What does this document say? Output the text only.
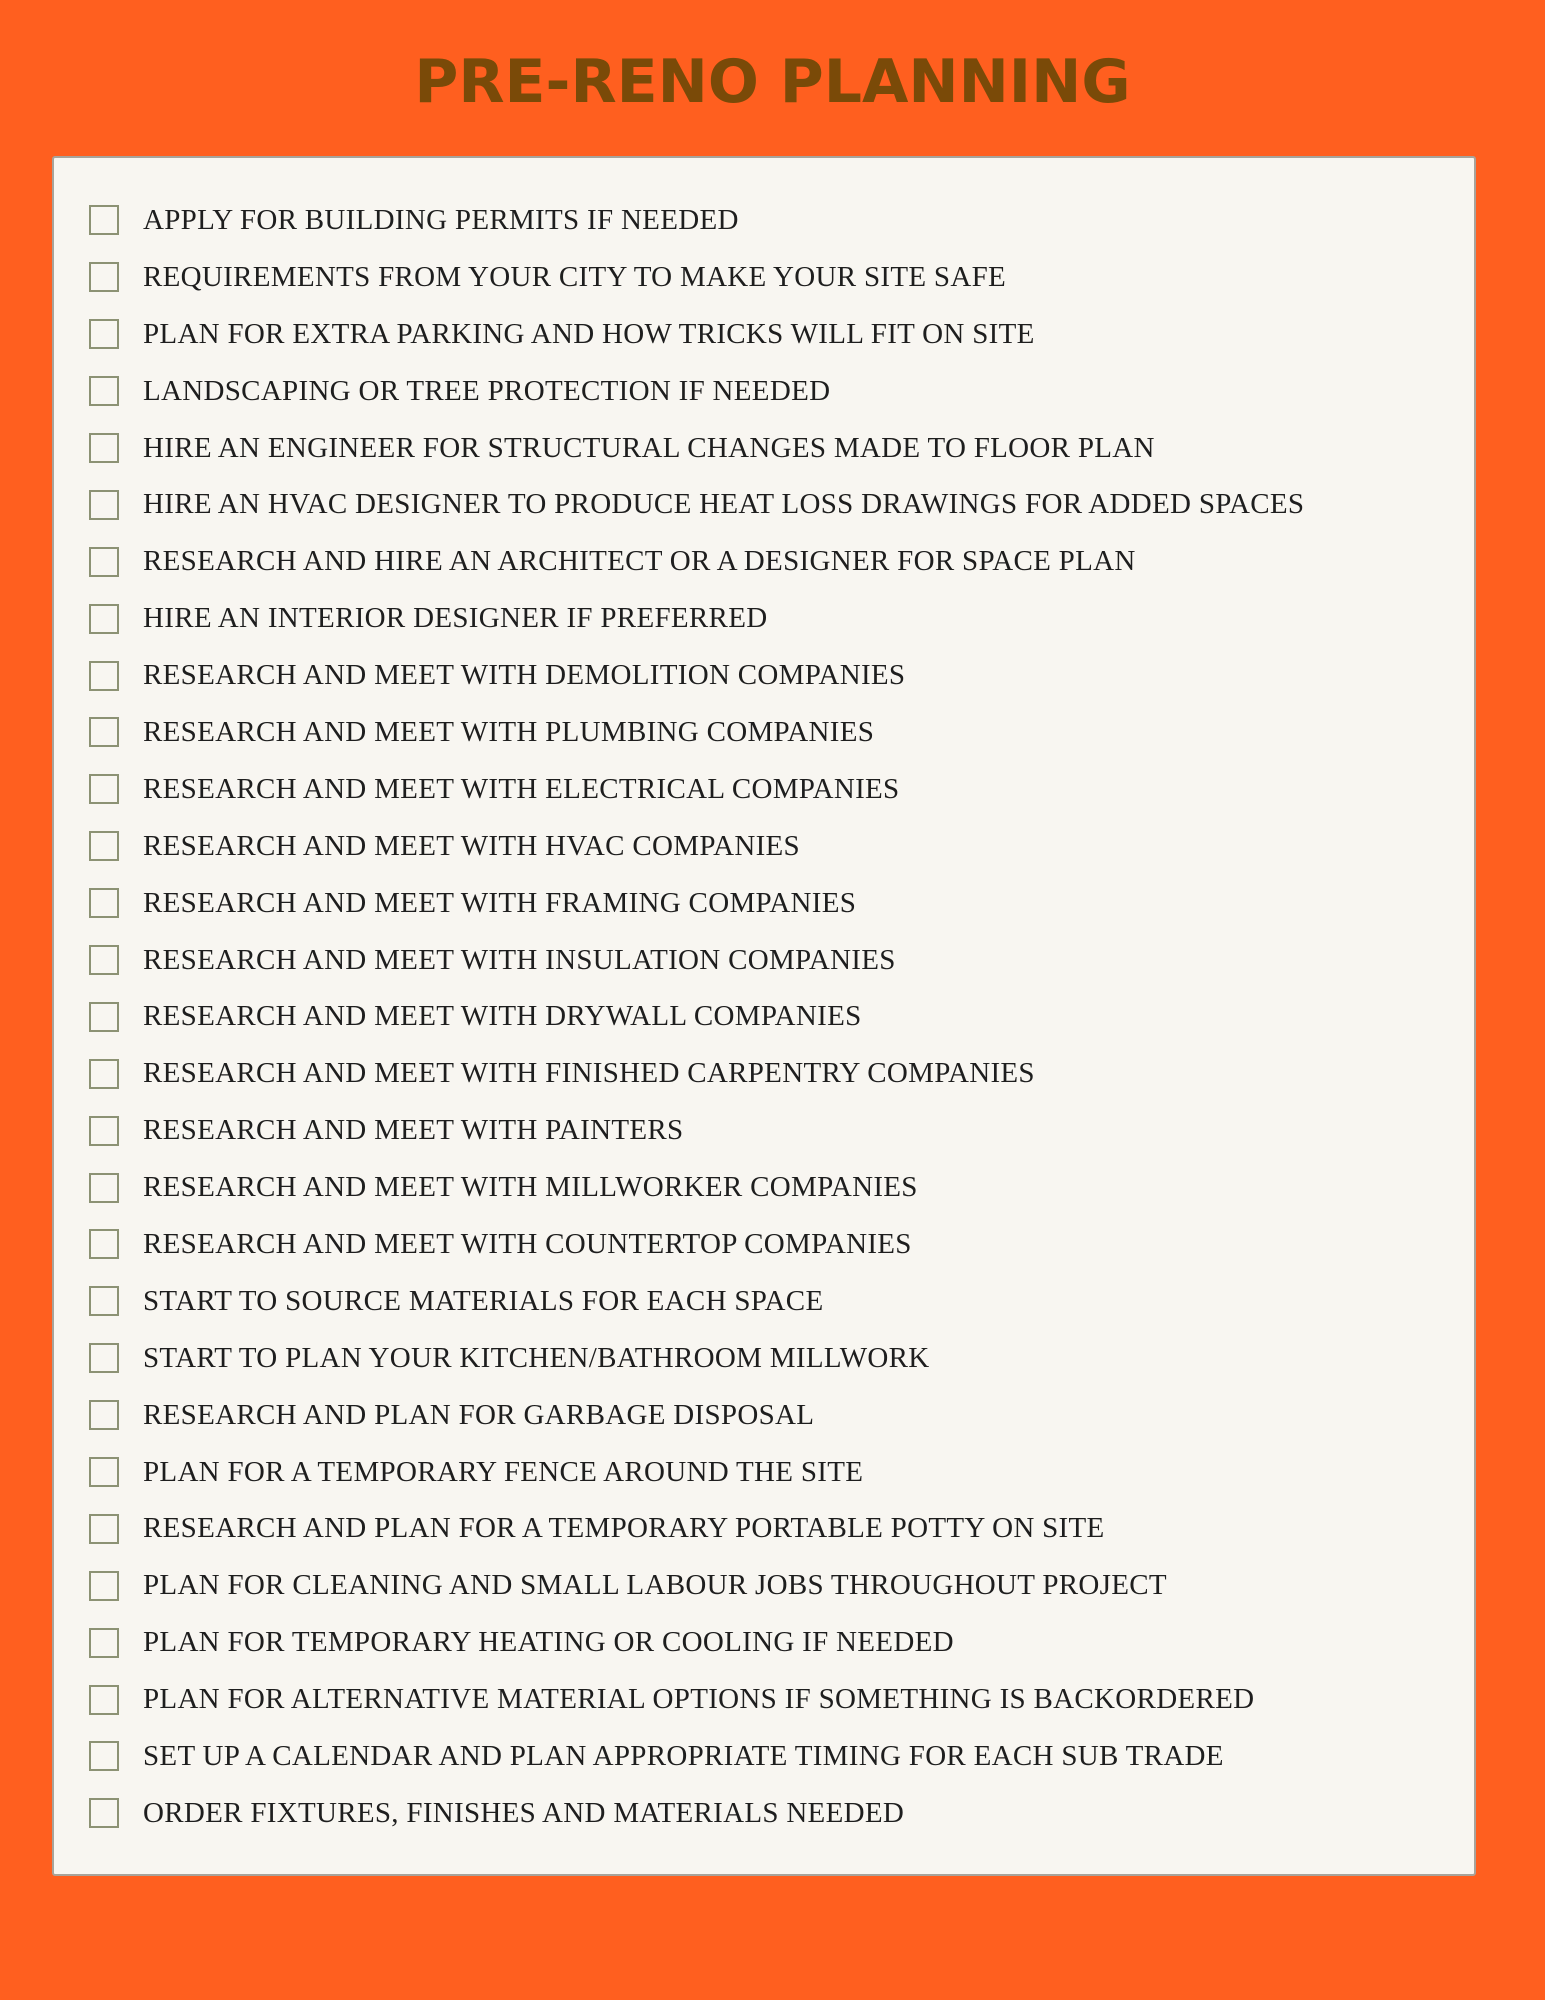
PRE-RENO PLANNING
APPLY FOR BUILDING PERMITS IF NEEDED
REQUIREMENTS FROM YOUR CITY TO MAKE YOUR SITE SAFE
PLAN FOR EXTRA PARKING AND HOW TRICKS WILL FIT ON SITE
LANDSCAPING OR TREE PROTECTION IF NEEDED
HIRE AN ENGINEER FOR STRUCTURAL CHANGES MADE TO FLOOR PLAN
HIRE AN HVAC DESIGNER TO PRODUCE HEAT LOSS DRAWINGS FOR ADDED SPACES
RESEARCH AND HIRE AN ARCHITECT OR A DESIGNER FOR SPACE PLAN
HIRE AN INTERIOR DESIGNER IF PREFERRED
RESEARCH AND MEET WITH DEMOLITION COMPANIES
RESEARCH AND MEET WITH PLUMBING COMPANIES
RESEARCH AND MEET WITH ELECTRICAL COMPANIES
RESEARCH AND MEET WITH HVAC COMPANIES
RESEARCH AND MEET WITH FRAMING COMPANIES
RESEARCH AND MEET WITH INSULATION COMPANIES
RESEARCH AND MEET WITH DRYWALL COMPANIES
RESEARCH AND MEET WITH FINISHED CARPENTRY COMPANIES
RESEARCH AND MEET WITH PAINTERS
RESEARCH AND MEET WITH MILLWORKER COMPANIES
RESEARCH AND MEET WITH COUNTERTOP COMPANIES
START TO SOURCE MATERIALS FOR EACH SPACE
START TO PLAN YOUR KITCHEN/BATHROOM MILLWORK
RESEARCH AND PLAN FOR GARBAGE DISPOSAL
PLAN FOR A TEMPORARY FENCE AROUND THE SITE
RESEARCH AND PLAN FOR A TEMPORARY PORTABLE POTTY ON SITE
PLAN FOR CLEANING AND SMALL LABOUR JOBS THROUGHOUT PROJECT
PLAN FOR TEMPORARY HEATING OR COOLING IF NEEDED
PLAN FOR ALTERNATIVE MATERIAL OPTIONS IF SOMETHING IS BACKORDERED
SET UP A CALENDAR AND PLAN APPROPRIATE TIMING FOR EACH SUB TRADE
ORDER FIXTURES, FINISHES AND MATERIALS NEEDED
